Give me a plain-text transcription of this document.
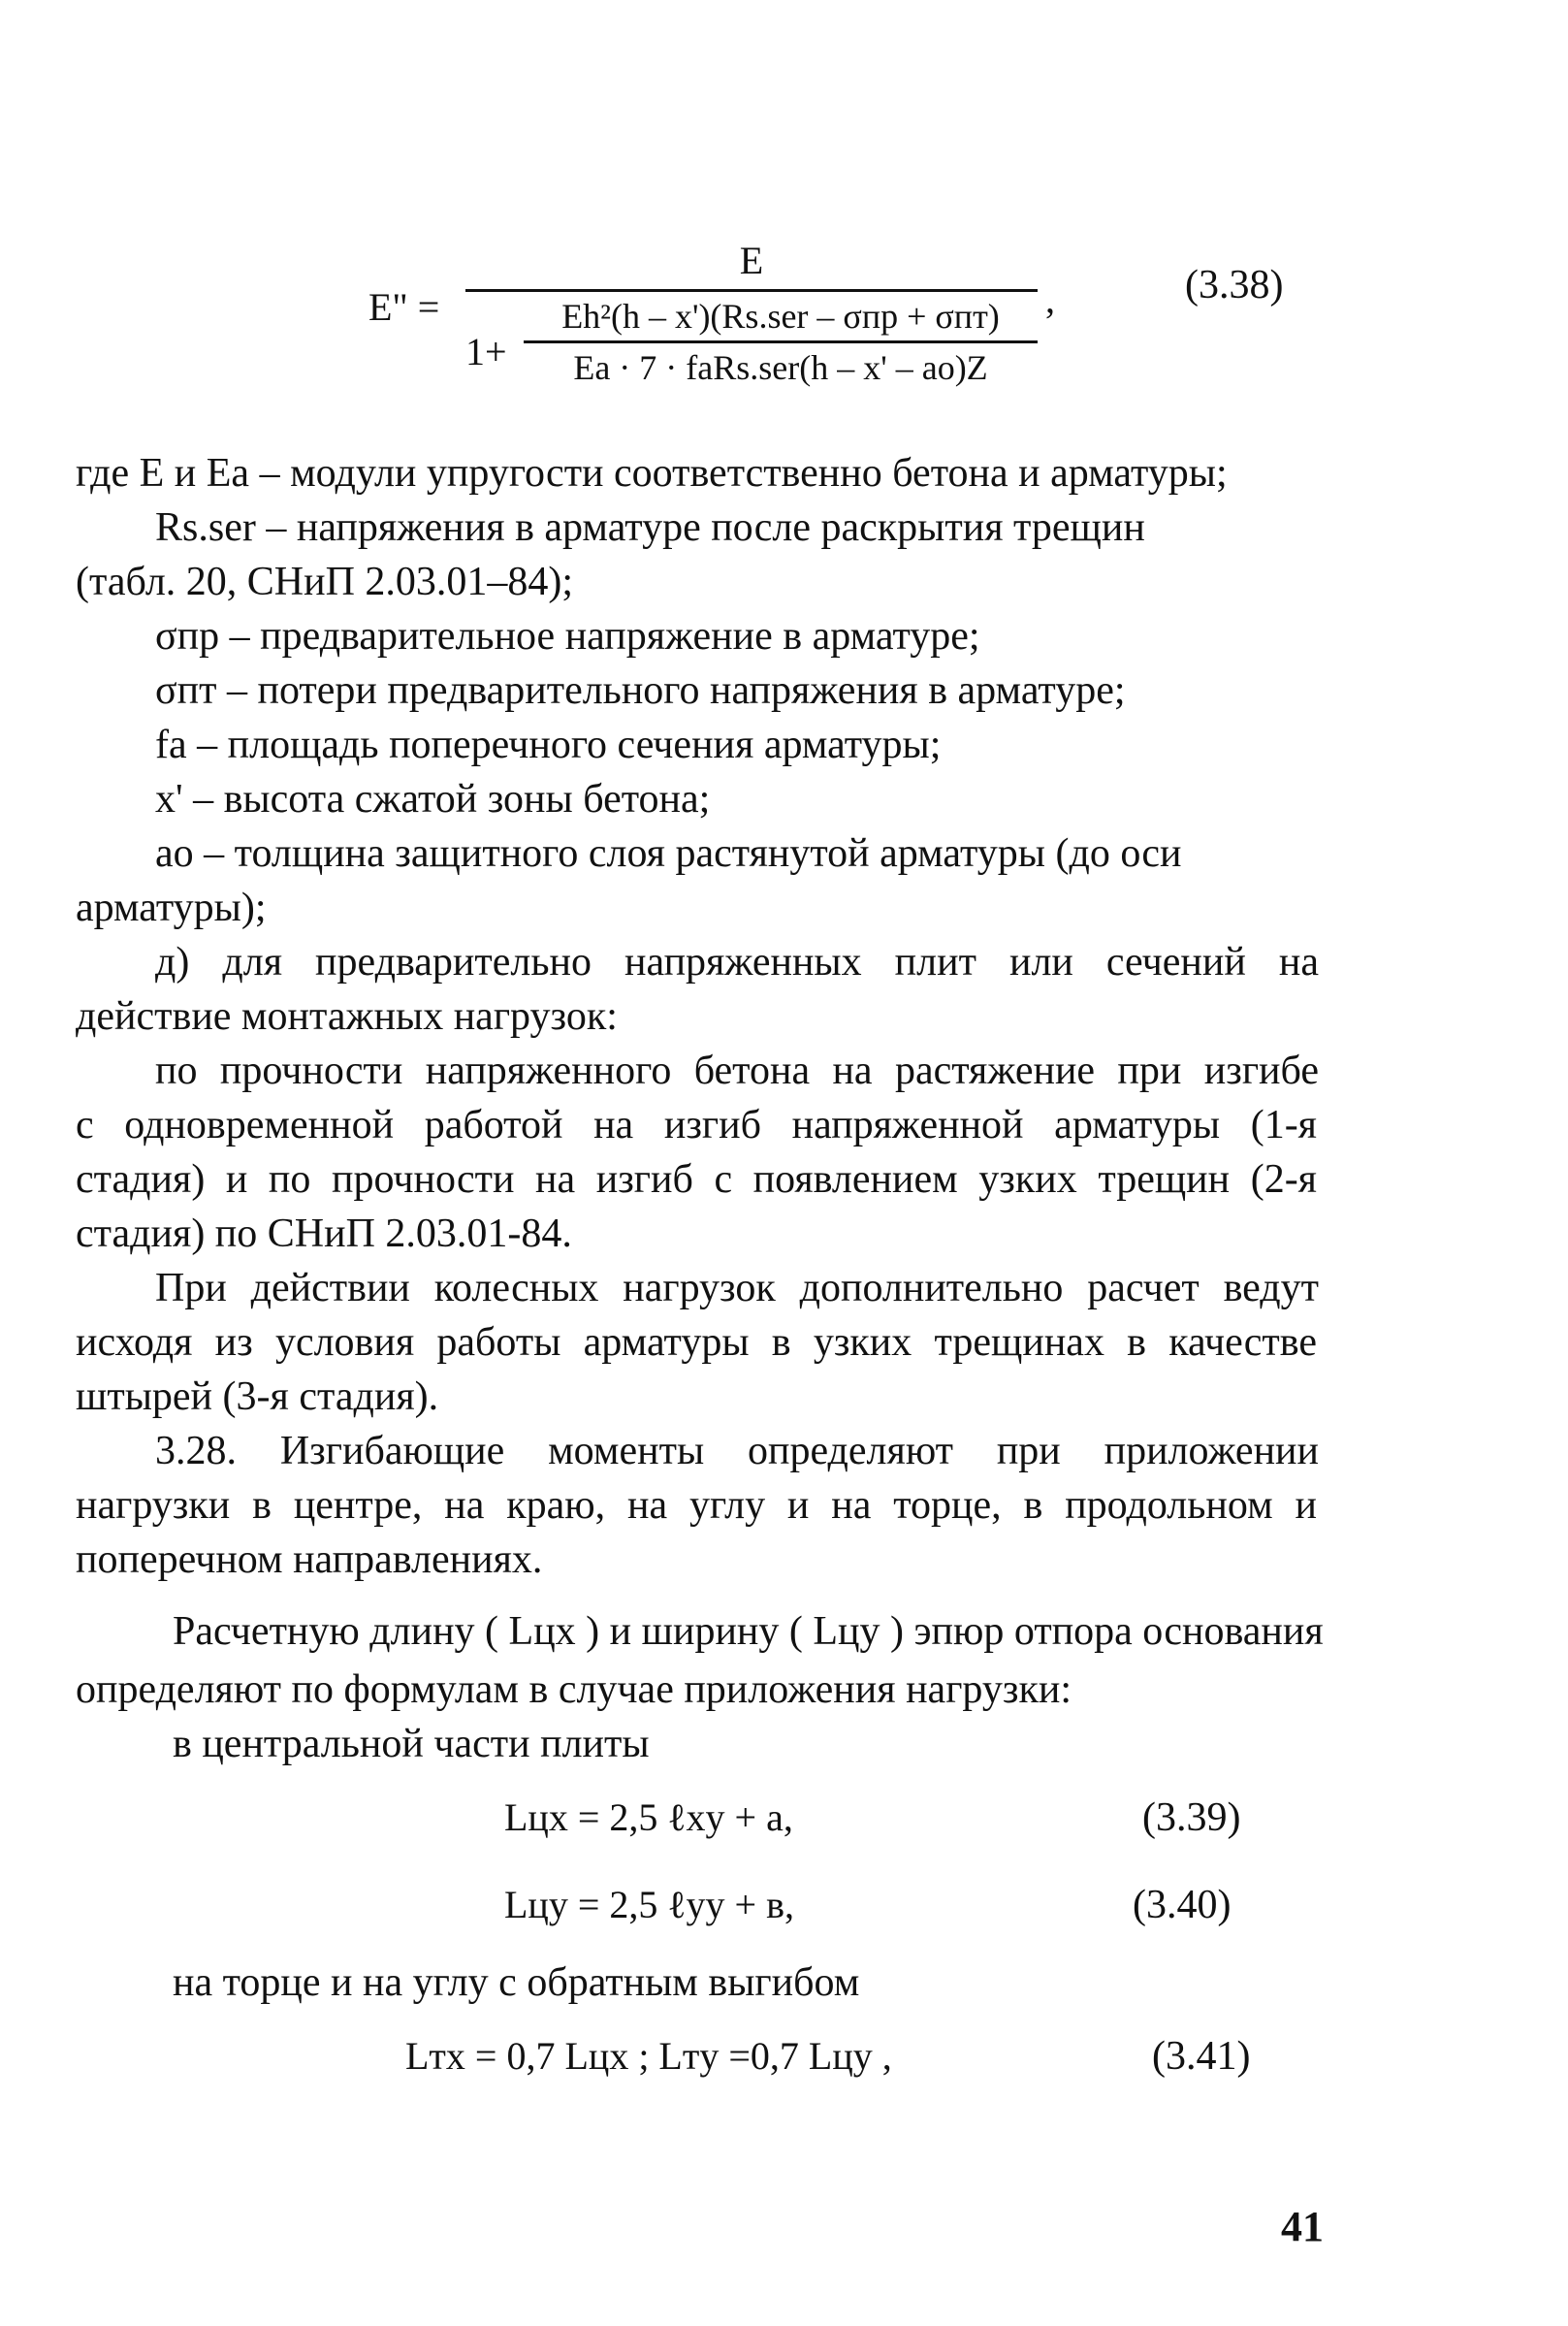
E" =
E
1+
Eh²(h – x')(Rs.ser – σпр + σпт)
Ea · 7 · faRs.ser(h – x' – ao)Z
,	(3.38)
где E и Ea – модули упругости соответственно бетона и арматуры;
Rs.ser – напряжения в арматуре после раскрытия трещин
(табл. 20, СНиП 2.03.01–84);
σпр – предварительное напряжение в арматуре;
σпт – потери предварительного напряжения в арматуре;
fa – площадь поперечного сечения арматуры;
x' – высота сжатой зоны бетона;
ao – толщина защитного слоя растянутой арматуры (до оси
арматуры);
д) для предварительно напряженных плит или сечений на
действие монтажных нагрузок:
по прочности напряженного бетона на растяжение при изгибе
с одновременной работой на изгиб напряженной арматуры (1-я
стадия) и по прочности на изгиб с появлением узких трещин (2-я
стадия) по СНиП 2.03.01-84.
При действии колесных нагрузок дополнительно расчет ведут
исходя из условия работы арматуры в узких трещинах в качестве
штырей (3-я стадия).
3.28. Изгибающие моменты определяют при приложении
нагрузки в центре, на краю, на углу и на торце, в продольном и
поперечном направлениях.
Расчетную длину ( Lцx ) и ширину ( Lцy ) эпюр отпора основания
определяют по формулам в случае приложения нагрузки:
в центральной части плиты
Lцx = 2,5 ℓxy + a,	(3.39)
Lцy = 2,5 ℓyy + в,	(3.40)
на торце и на углу с обратным выгибом
Lтx = 0,7 Lцx ; Lтy =0,7 Lцy ,	(3.41)
41
